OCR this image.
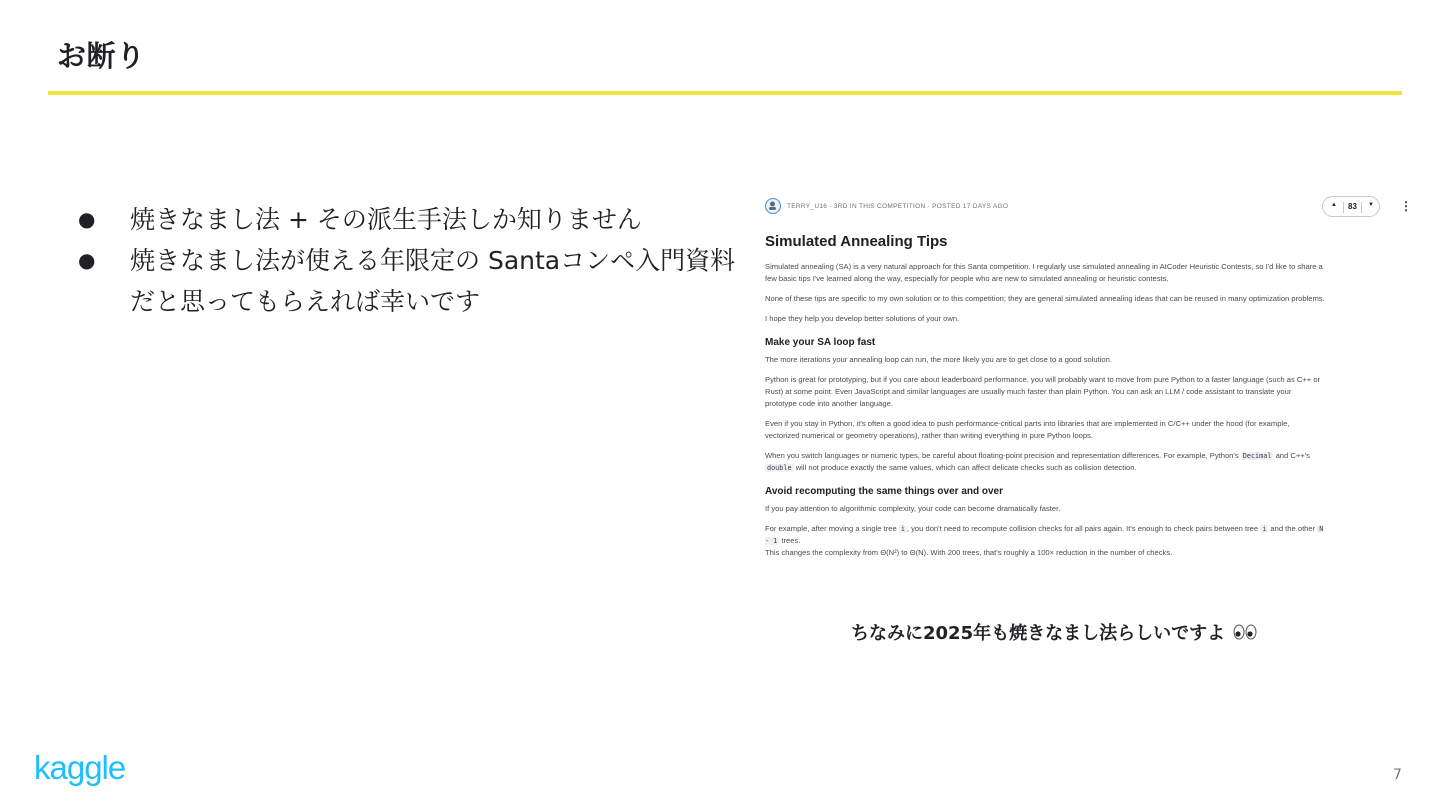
お断り
● 焼きなまし法 + その派生手法しか知りません
● 焼きなまし法が使える年限定の Santaコンペ入門資料だと思ってもらえれば幸いです
TERRY_U16 · 3RD IN THIS COMPETITION · POSTED 17 DAYS AGO	▲	83	▼ ⋮
Simulated Annealing Tips

Simulated annealing (SA) is a very natural approach for this Santa competition. I regularly use simulated annealing in AtCoder Heuristic Contests, so I'd like to share a few basic tips I've learned along the way, especially for people who are new to simulated annealing or heuristic contests.

None of these tips are specific to my own solution or to this competition; they are general simulated annealing ideas that can be reused in many optimization problems.

I hope they help you develop better solutions of your own.

Make your SA loop fast

The more iterations your annealing loop can run, the more likely you are to get close to a good solution.

Python is great for prototyping, but if you care about leaderboard performance, you will probably want to move from pure Python to a faster language (such as C++ or Rust) at some point. Even JavaScript and similar languages are usually much faster than plain Python. You can ask an LLM / code assistant to translate your prototype code into another language.

Even if you stay in Python, it's often a good idea to push performance-critical parts into libraries that are implemented in C/C++ under the hood (for example, vectorized numerical or geometry operations), rather than writing everything in pure Python loops.

When you switch languages or numeric types, be careful about floating-point precision and representation differences. For example, Python's Decimal and C++'s double will not produce exactly the same values, which can affect delicate checks such as collision detection.

Avoid recomputing the same things over and over

If you pay attention to algorithmic complexity, your code can become dramatically faster.

For example, after moving a single tree i , you don't need to recompute collision checks for all pairs again. It's enough to check pairs between tree i and the other N - 1 trees.
This changes the complexity from Θ(N²) to Θ(N). With 200 trees, that's roughly a 100× reduction in the number of checks.

ちなみに2025年も焼きなまし法らしいですよ
kaggle	7
